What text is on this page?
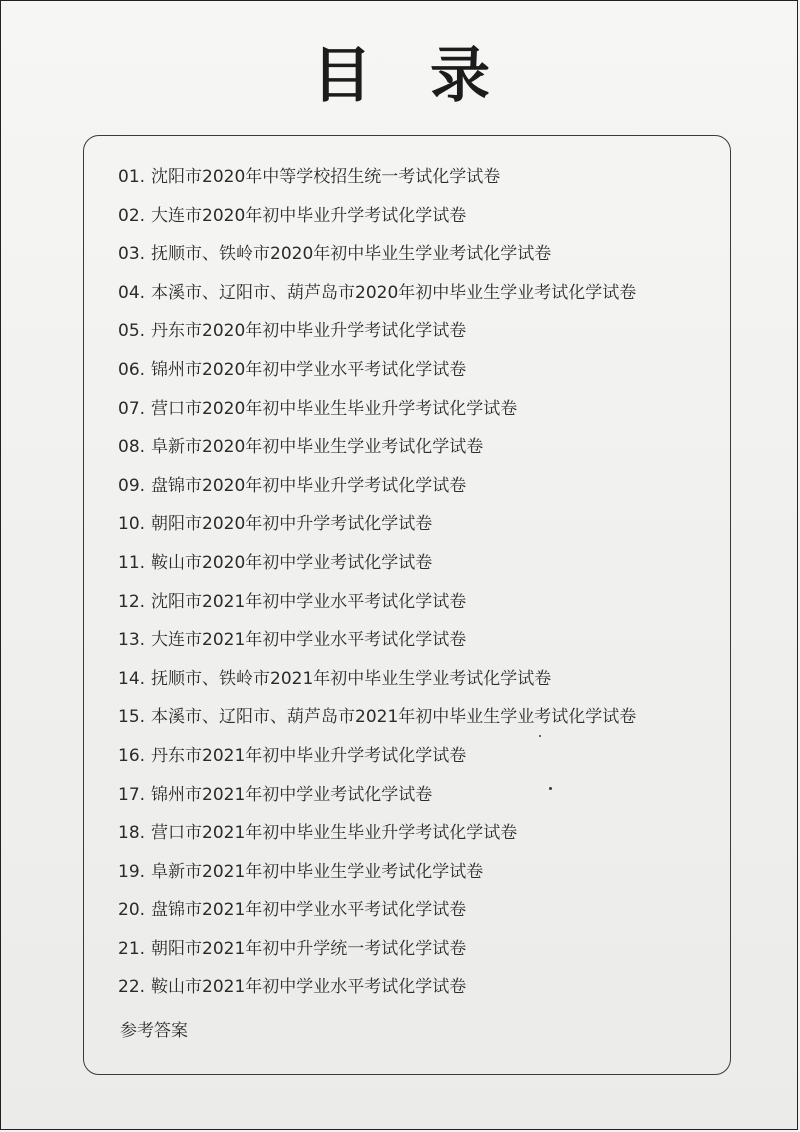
目录
01. 沈阳市2020年中等学校招生统一考试化学试卷
02. 大连市2020年初中毕业升学考试化学试卷
03. 抚顺市、铁岭市2020年初中毕业生学业考试化学试卷
04. 本溪市、辽阳市、葫芦岛市2020年初中毕业生学业考试化学试卷
05. 丹东市2020年初中毕业升学考试化学试卷
06. 锦州市2020年初中学业水平考试化学试卷
07. 营口市2020年初中毕业生毕业升学考试化学试卷
08. 阜新市2020年初中毕业生学业考试化学试卷
09. 盘锦市2020年初中毕业升学考试化学试卷
10. 朝阳市2020年初中升学考试化学试卷
11. 鞍山市2020年初中学业考试化学试卷
12. 沈阳市2021年初中学业水平考试化学试卷
13. 大连市2021年初中学业水平考试化学试卷
14. 抚顺市、铁岭市2021年初中毕业生学业考试化学试卷
15. 本溪市、辽阳市、葫芦岛市2021年初中毕业生学业考试化学试卷
16. 丹东市2021年初中毕业升学考试化学试卷
17. 锦州市2021年初中学业考试化学试卷
18. 营口市2021年初中毕业生毕业升学考试化学试卷
19. 阜新市2021年初中毕业生学业考试化学试卷
20. 盘锦市2021年初中学业水平考试化学试卷
21. 朝阳市2021年初中升学统一考试化学试卷
22. 鞍山市2021年初中学业水平考试化学试卷
参考答案
